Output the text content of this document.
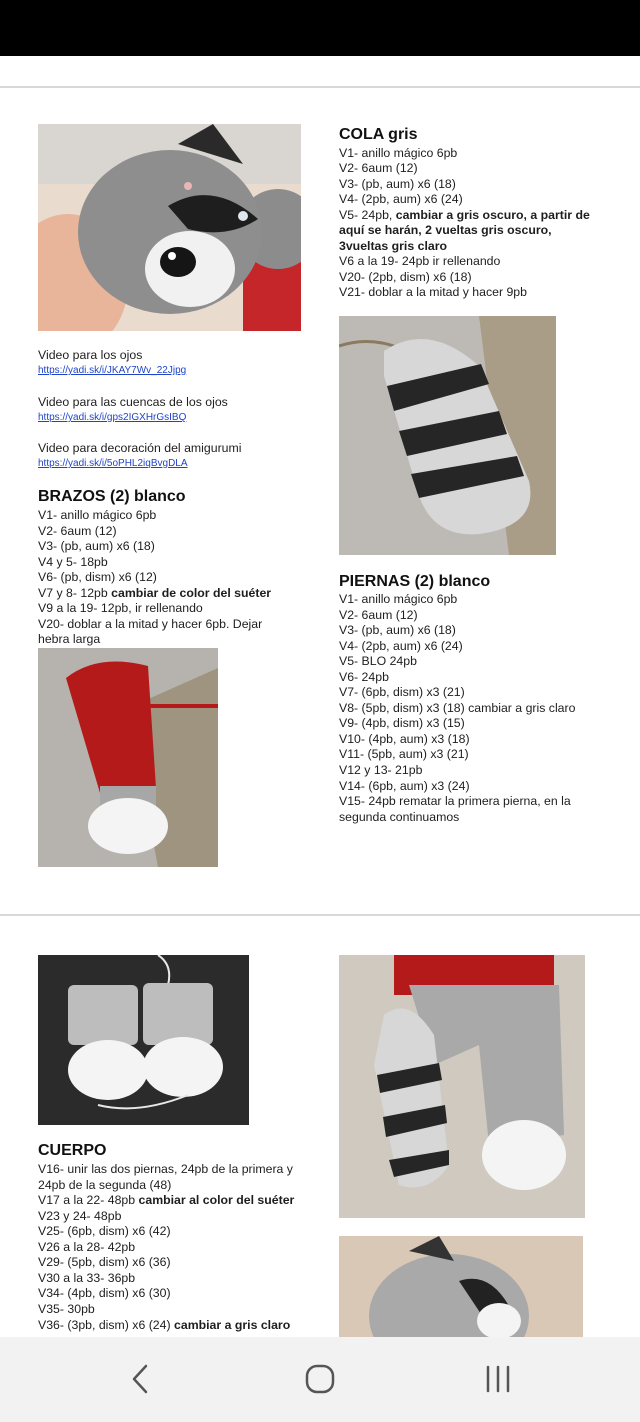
Video para los ojos
https://yadi.sk/i/JKAY7Wv_22Jjpg
Video para las cuencas de los ojos
https://yadi.sk/i/gps2IGXHrGsIBQ
Video para decoración del amigurumi
https://yadi.sk/i/5oPHL2iqBvgDLA
BRAZOS (2) blanco
V1- anillo mágico 6pb
V2- 6aum (12)
V3- (pb, aum) x6 (18)
V4 y 5- 18pb
V6- (pb, dism) x6 (12)
V7 y 8- 12pb cambiar de color del suéter
V9 a la 19- 12pb, ir rellenando
V20- doblar a la mitad y hacer 6pb. Dejar
hebra larga
COLA gris
V1- anillo mágico 6pb
V2- 6aum (12)
V3- (pb, aum) x6 (18)
V4- (2pb, aum) x6 (24)
V5- 24pb, cambiar a gris oscuro, a partir de
aquí se harán, 2 vueltas gris oscuro,
3vueltas gris claro
V6 a la 19- 24pb ir rellenando
V20- (2pb, dism) x6 (18)
V21- doblar a la mitad y hacer 9pb
PIERNAS (2) blanco
V1- anillo mágico 6pb
V2- 6aum (12)
V3- (pb, aum) x6 (18)
V4- (2pb, aum) x6 (24)
V5- BLO 24pb
V6- 24pb
V7- (6pb, dism) x3 (21)
V8- (5pb, dism) x3 (18) cambiar a gris claro
V9- (4pb, dism) x3 (15)
V10- (4pb, aum) x3 (18)
V11- (5pb, aum) x3 (21)
V12 y 13- 21pb
V14- (6pb, aum) x3 (24)
V15- 24pb rematar la primera pierna, en la
segunda continuamos
CUERPO
V16- unir las dos piernas, 24pb de la primera y
24pb de la segunda (48)
V17 a la 22- 48pb cambiar al color del suéter
V23 y 24- 48pb
V25- (6pb, dism) x6 (42)
V26 a la 28- 42pb
V29- (5pb, dism) x6 (36)
V30 a la 33- 36pb
V34- (4pb, dism) x6 (30)
V35- 30pb
V36- (3pb, dism) x6 (24) cambiar a gris claro
